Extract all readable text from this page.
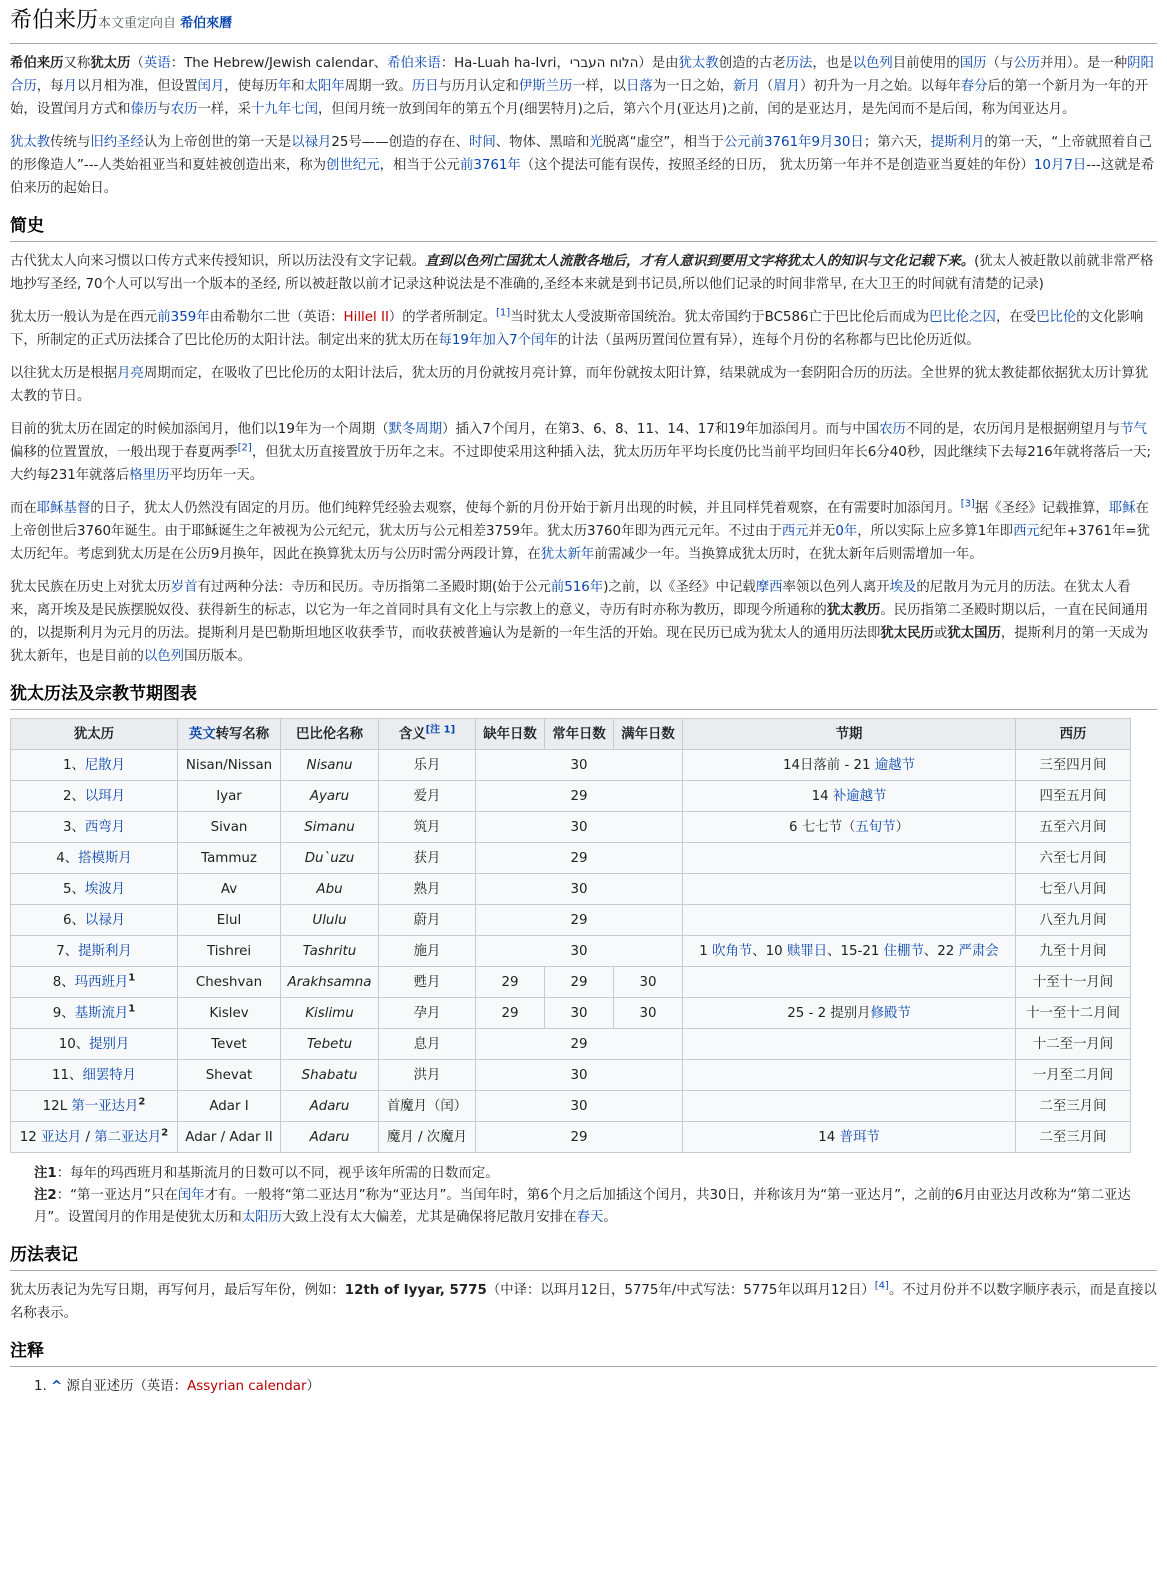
希伯来历本文重定向自 希伯來曆

希伯来历又称犹太历（英语：The Hebrew/Jewish calendar、希伯来语：Ha-Luah ha-Ivri，הלוח העברי）是由犹太教创造的古老历法，也是以色列目前使用的国历（与公历并用）。是一种阴阳合历，每月以月相为准，但设置闰月，使每历年和太阳年周期一致。历日与历月认定和伊斯兰历一样，以日落为一日之始，新月（眉月）初升为一月之始。以每年春分后的第一个新月为一年的开始，设置闰月方式和傣历与农历一样，采十九年七闰，但闰月统一放到闰年的第五个月(细罢特月)之后，第六个月(亚达月)之前，闰的是亚达月，是先闰而不是后闰，称为闰亚达月。

犹太教传统与旧约圣经认为上帝创世的第一天是以禄月25号——创造的存在、时间、物体、黑暗和光脱离“虚空”，相当于公元前3761年9月30日；第六天，提斯利月的第一天，“上帝就照着自己的形像造人”---人类始祖亚当和夏娃被创造出来，称为创世纪元，相当于公元前3761年（这个提法可能有误传，按照圣经的日历， 犹太历第一年并不是创造亚当夏娃的年份）10月7日---这就是希伯来历的起始日。

简史

古代犹太人向来习惯以口传方式来传授知识，所以历法没有文字记载。直到以色列亡国犹太人流散各地后，才有人意识到要用文字将犹太人的知识与文化记载下来。(犹太人被赶散以前就非常严格地抄写圣经, 70个人可以写出一个版本的圣经, 所以被赶散以前才记录这种说法是不准确的,圣经本来就是到书记员,所以他们记录的时间非常早, 在大卫王的时间就有清楚的记录)

犹太历一般认为是在西元前359年由希勒尔二世（英语：Hillel II）的学者所制定。[1]当时犹太人受波斯帝国统治。犹太帝国约于BC586亡于巴比伦后而成为巴比伦之囚，在受巴比伦的文化影响下，所制定的正式历法揉合了巴比伦历的太阳计法。制定出来的犹太历在每19年加入7个闰年的计法（虽两历置闰位置有异），连每个月份的名称都与巴比伦历近似。

以往犹太历是根据月亮周期而定，在吸收了巴比伦历的太阳计法后，犹太历的月份就按月亮计算，而年份就按太阳计算，结果就成为一套阴阳合历的历法。全世界的犹太教徒都依据犹太历计算犹太教的节日。

目前的犹太历在固定的时候加添闰月，他们以19年为一个周期（默冬周期）插入7个闰月，在第3、6、8、11、14、17和19年加添闰月。而与中国农历不同的是，农历闰月是根据朔望月与节气偏移的位置置放，一般出现于春夏两季[2]，但犹太历直接置放于历年之末。不过即使采用这种插入法，犹太历历年平均长度仍比当前平均回归年长6分40秒，因此继续下去每216年就将落后一天; 大约每231年就落后格里历平均历年一天。

而在耶稣基督的日子，犹太人仍然没有固定的月历。他们纯粹凭经验去观察，使每个新的月份开始于新月出现的时候，并且同样凭着观察，在有需要时加添闰月。[3]据《圣经》记载推算，耶稣在上帝创世后3760年诞生。由于耶稣诞生之年被视为公元纪元，犹太历与公元相差3759年。犹太历3760年即为西元元年。不过由于西元并无0年，所以实际上应多算1年即西元纪年+3761年=犹太历纪年。考虑到犹太历是在公历9月换年，因此在换算犹太历与公历时需分两段计算，在犹太新年前需减少一年。当换算成犹太历时，在犹太新年后则需增加一年。

犹太民族在历史上对犹太历岁首有过两种分法：寺历和民历。寺历指第二圣殿时期(始于公元前516年)之前，以《圣经》中记载摩西率领以色列人离开埃及的尼散月为元月的历法。在犹太人看来，离开埃及是民族摆脱奴役、获得新生的标志，以它为一年之首同时具有文化上与宗教上的意义，寺历有时亦称为教历，即现今所通称的犹太教历。民历指第二圣殿时期以后，一直在民间通用的，以提斯利月为元月的历法。提斯利月是巴勒斯坦地区收获季节，而收获被普遍认为是新的一年生活的开始。现在民历已成为犹太人的通用历法即犹太民历或犹太国历，提斯利月的第一天成为犹太新年，也是目前的以色列国历版本。

犹太历法及宗教节期图表
犹太历	英文转写名称	巴比伦名称	含义[注 1]	缺年日数	常年日数	满年日数	节期	西历
1、尼散月	Nisan/Nissan	Nisanu	乐月	30			14日落前 - 21 逾越节	三至四月间
2、以珥月	Iyar	Ayaru	爱月	29			14 补逾越节	四至五月间
3、西弯月	Sivan	Simanu	筑月	30			6 七七节（五旬节）	五至六月间
4、搭模斯月	Tammuz	Du`uzu	获月	29				六至七月间
5、埃波月	Av	Abu	熟月	30				七至八月间
6、以禄月	Elul	Ululu	蔚月	29				八至九月间
7、提斯利月	Tishrei	Tashritu	施月	30			1 吹角节、10 赎罪日、15-21 住棚节、22 严肃会	九至十月间
8、玛西班月$^1$	Cheshvan	Arakhsamna	甦月	29	29	30		十至十一月间
9、基斯流月$^1$	Kislev	Kislimu	孕月	29	30	30	25 - 2 提别月修殿节	十一至十二月间
10、提别月	Tevet	Tebetu	息月	29				十二至一月间
11、细罢特月	Shevat	Shabatu	洪月	30				一月至二月间
12L 第一亚达月$^2$	Adar I	Adaru	首魔月（闰）	30				二至三月间
12 亚达月 / 第二亚达月$^2$	Adar / Adar II	Adaru	魔月 / 次魔月	29			14 普珥节	二至三月间
注1：每年的玛西班月和基斯流月的日数可以不同，视乎该年所需的日数而定。
注2：“第一亚达月”只在闰年才有。一般将“第二亚达月”称为“亚达月”。当闰年时，第6个月之后加插这个闰月，共30日，并称该月为“第一亚达月”，之前的6月由亚达月改称为“第二亚达月”。设置闰月的作用是使犹太历和太阳历大致上没有太大偏差，尤其是确保将尼散月安排在春天。
历法表记

犹太历表记为先写日期，再写何月，最后写年份，例如：12th of Iyyar, 5775（中译：以珥月12日，5775年/中式写法：5775年以珥月12日）[4]。不过月份并不以数字顺序表示，而是直接以名称表示。

注释
1. ^ 源自亚述历（英语：Assyrian calendar）
